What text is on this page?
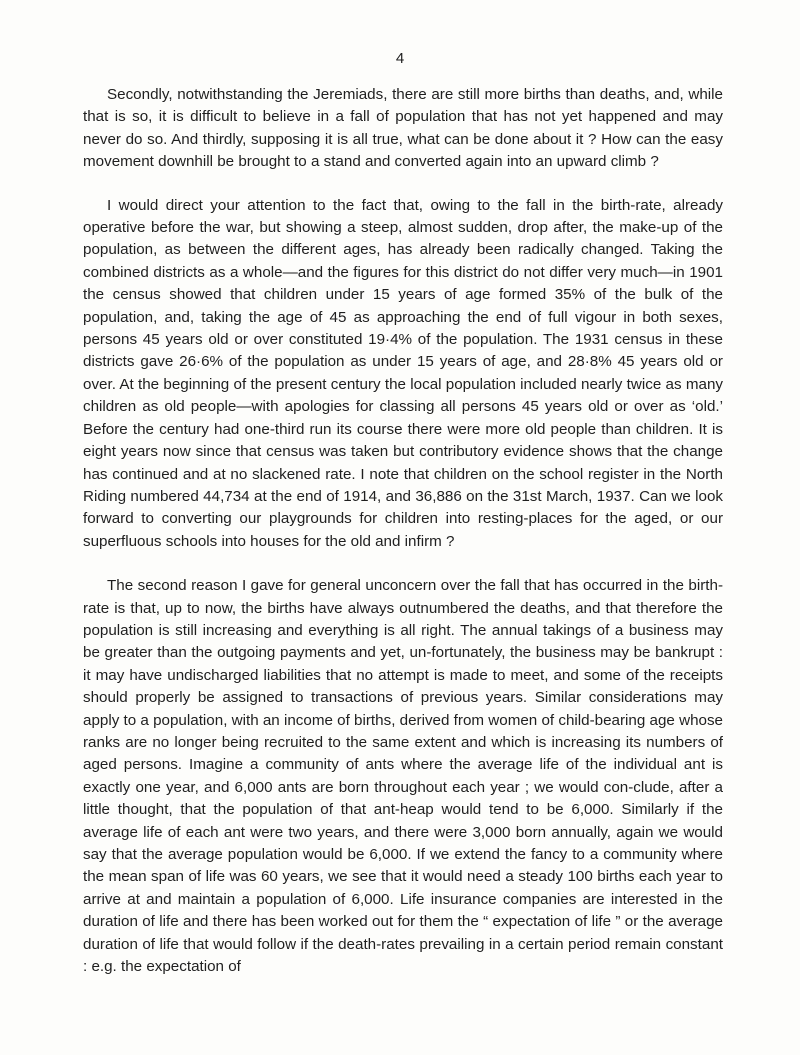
4

Secondly, notwithstanding the Jeremiads, there are still more births than deaths, and, while that is so, it is difficult to believe in a fall of population that has not yet happened and may never do so. And thirdly, supposing it is all true, what can be done about it ? How can the easy movement downhill be brought to a stand and converted again into an upward climb ?

I would direct your attention to the fact that, owing to the fall in the birth-rate, already operative before the war, but showing a steep, almost sudden, drop after, the make-up of the population, as between the different ages, has already been radically changed. Taking the combined districts as a whole—and the figures for this district do not differ very much—in 1901 the census showed that children under 15 years of age formed 35% of the bulk of the population, and, taking the age of 45 as approaching the end of full vigour in both sexes, persons 45 years old or over constituted 19·4% of the population. The 1931 census in these districts gave 26·6% of the population as under 15 years of age, and 28·8% 45 years old or over. At the beginning of the present century the local population included nearly twice as many children as old people—with apologies for classing all persons 45 years old or over as ‘old.’ Before the century had one-third run its course there were more old people than children. It is eight years now since that census was taken but contributory evidence shows that the change has continued and at no slackened rate. I note that children on the school register in the North Riding numbered 44,734 at the end of 1914, and 36,886 on the 31st March, 1937. Can we look forward to converting our playgrounds for children into resting-places for the aged, or our superfluous schools into houses for the old and infirm ?

The second reason I gave for general unconcern over the fall that has occurred in the birth-rate is that, up to now, the births have always outnumbered the deaths, and that therefore the population is still increasing and everything is all right. The annual takings of a business may be greater than the outgoing payments and yet, un-fortunately, the business may be bankrupt : it may have undischarged liabilities that no attempt is made to meet, and some of the receipts should properly be assigned to transactions of previous years. Similar considerations may apply to a population, with an income of births, derived from women of child-bearing age whose ranks are no longer being recruited to the same extent and which is increasing its numbers of aged persons. Imagine a community of ants where the average life of the individual ant is exactly one year, and 6,000 ants are born throughout each year ; we would con-clude, after a little thought, that the population of that ant-heap would tend to be 6,000. Similarly if the average life of each ant were two years, and there were 3,000 born annually, again we would say that the average population would be 6,000. If we extend the fancy to a community where the mean span of life was 60 years, we see that it would need a steady 100 births each year to arrive at and maintain a population of 6,000. Life insurance companies are interested in the duration of life and there has been worked out for them the “ expectation of life ” or the average duration of life that would follow if the death-rates prevailing in a certain period remain constant : e.g. the expectation of
